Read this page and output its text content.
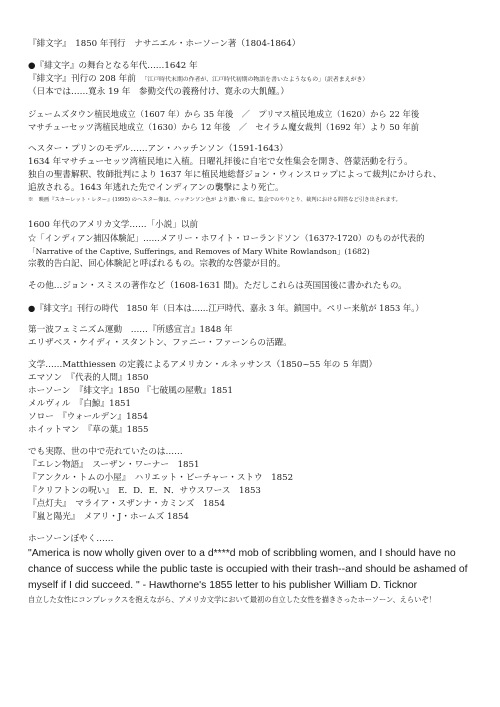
『緋文字』　1850 年刊行　ナサニエル・ホーソーン著（1804-1864）
●『緋文字』の舞台となる年代……1642 年
『緋文字』刊行の 208 年前　 「江戸時代末期の作者が、江戸時代初期の物語を書いたようなもの」（訳者まえがき）
（日本では……寛永 19 年　参勤交代の義務付け、寛永の大飢饉。）
ジェームズタウン植民地成立（1607 年）から 35 年後　／　プリマス植民地成立（1620）から 22 年後
マサチューセッツ湾植民地成立（1630）から 12 年後　／　セイラム魔女裁判（1692 年）より 50 年前
ヘスター・プリンのモデル……アン・ハッチンソン（1591-1643）
1634 年マサチューセッツ湾植民地に入植。日曜礼拝後に自宅で女性集会を開き、啓蒙活動を行う。
独自の聖書解釈、牧師批判により 1637 年に植民地総督ジョン・ウィンスロップによって裁判にかけられ、
追放される。1643 年逃れた先でインディアンの襲撃により死亡。
※　映画『スカーレット・レター』(1995) のヘスター像は、ハッチンソン色が より濃い 像 に。集会でのやりとり、裁判における問答など引き出されます。
1600 年代のアメリカ文学……「小説」以前
☆「インディアン捕囚体験記」……メアリー・ホワイト・ローランドソン（1637?-1720）のものが代表的
「Narrative of the Captive, Sufferings, and Removes of Mary White Rowlandson」(1682)
宗教的告白記、回心体験記と呼ばれるもの。宗教的な啓蒙が目的。
その他…ジョン・スミスの著作など（1608-1631 間)。ただしこれらは英国国後に書かれたもの。
●『緋文字』刊行の時代　1850 年（日本は……江戸時代、嘉永 3 年。鎖国中。ペリー来航が 1853 年。）
第一波フェミニズム運動　……『所感宣言』1848 年
エリザベス・ケイディ・スタントン、ファニー・ファーンらの活躍。
文学……Matthiessen の定義によるアメリカン・ルネッサンス（1850~55 年の 5 年間）
エマソン　『代表的人間』1850
ホーソーン　『緋文字』1850 『七破風の屋敷』1851
メルヴィル　『白鯨』1851
ソロー　『ウォールデン』1854
ホイットマン　『草の葉』1855
でも実際、世の中で売れていたのは……
『エレン物語』　スーザン・ワーナー　1851
『アンクル・トムの小屋』　ハリエット・ビーチャー・ストウ　1852
『クリフトンの呪い』　E．D．E．N．サウスワース　1853
『点灯夫』　マライア・スザンナ・カミンズ　1854
『嵐と陽光』　メアリ・J・ホームズ 1854
ホーソーンぼやく……
"America is now wholly given over to a d****d mob of scribbling women, and I should have no chance of success while the public taste is occupied with their trash--and should be ashamed of myself if I did succeed. " - Hawthorne's 1855 letter to his publisher William D. Ticknor
自立した女性にコンプレックスを抱えながら、アメリカ文学において最初の自立した女性を描きさったホーソーン、えらいぞ！
